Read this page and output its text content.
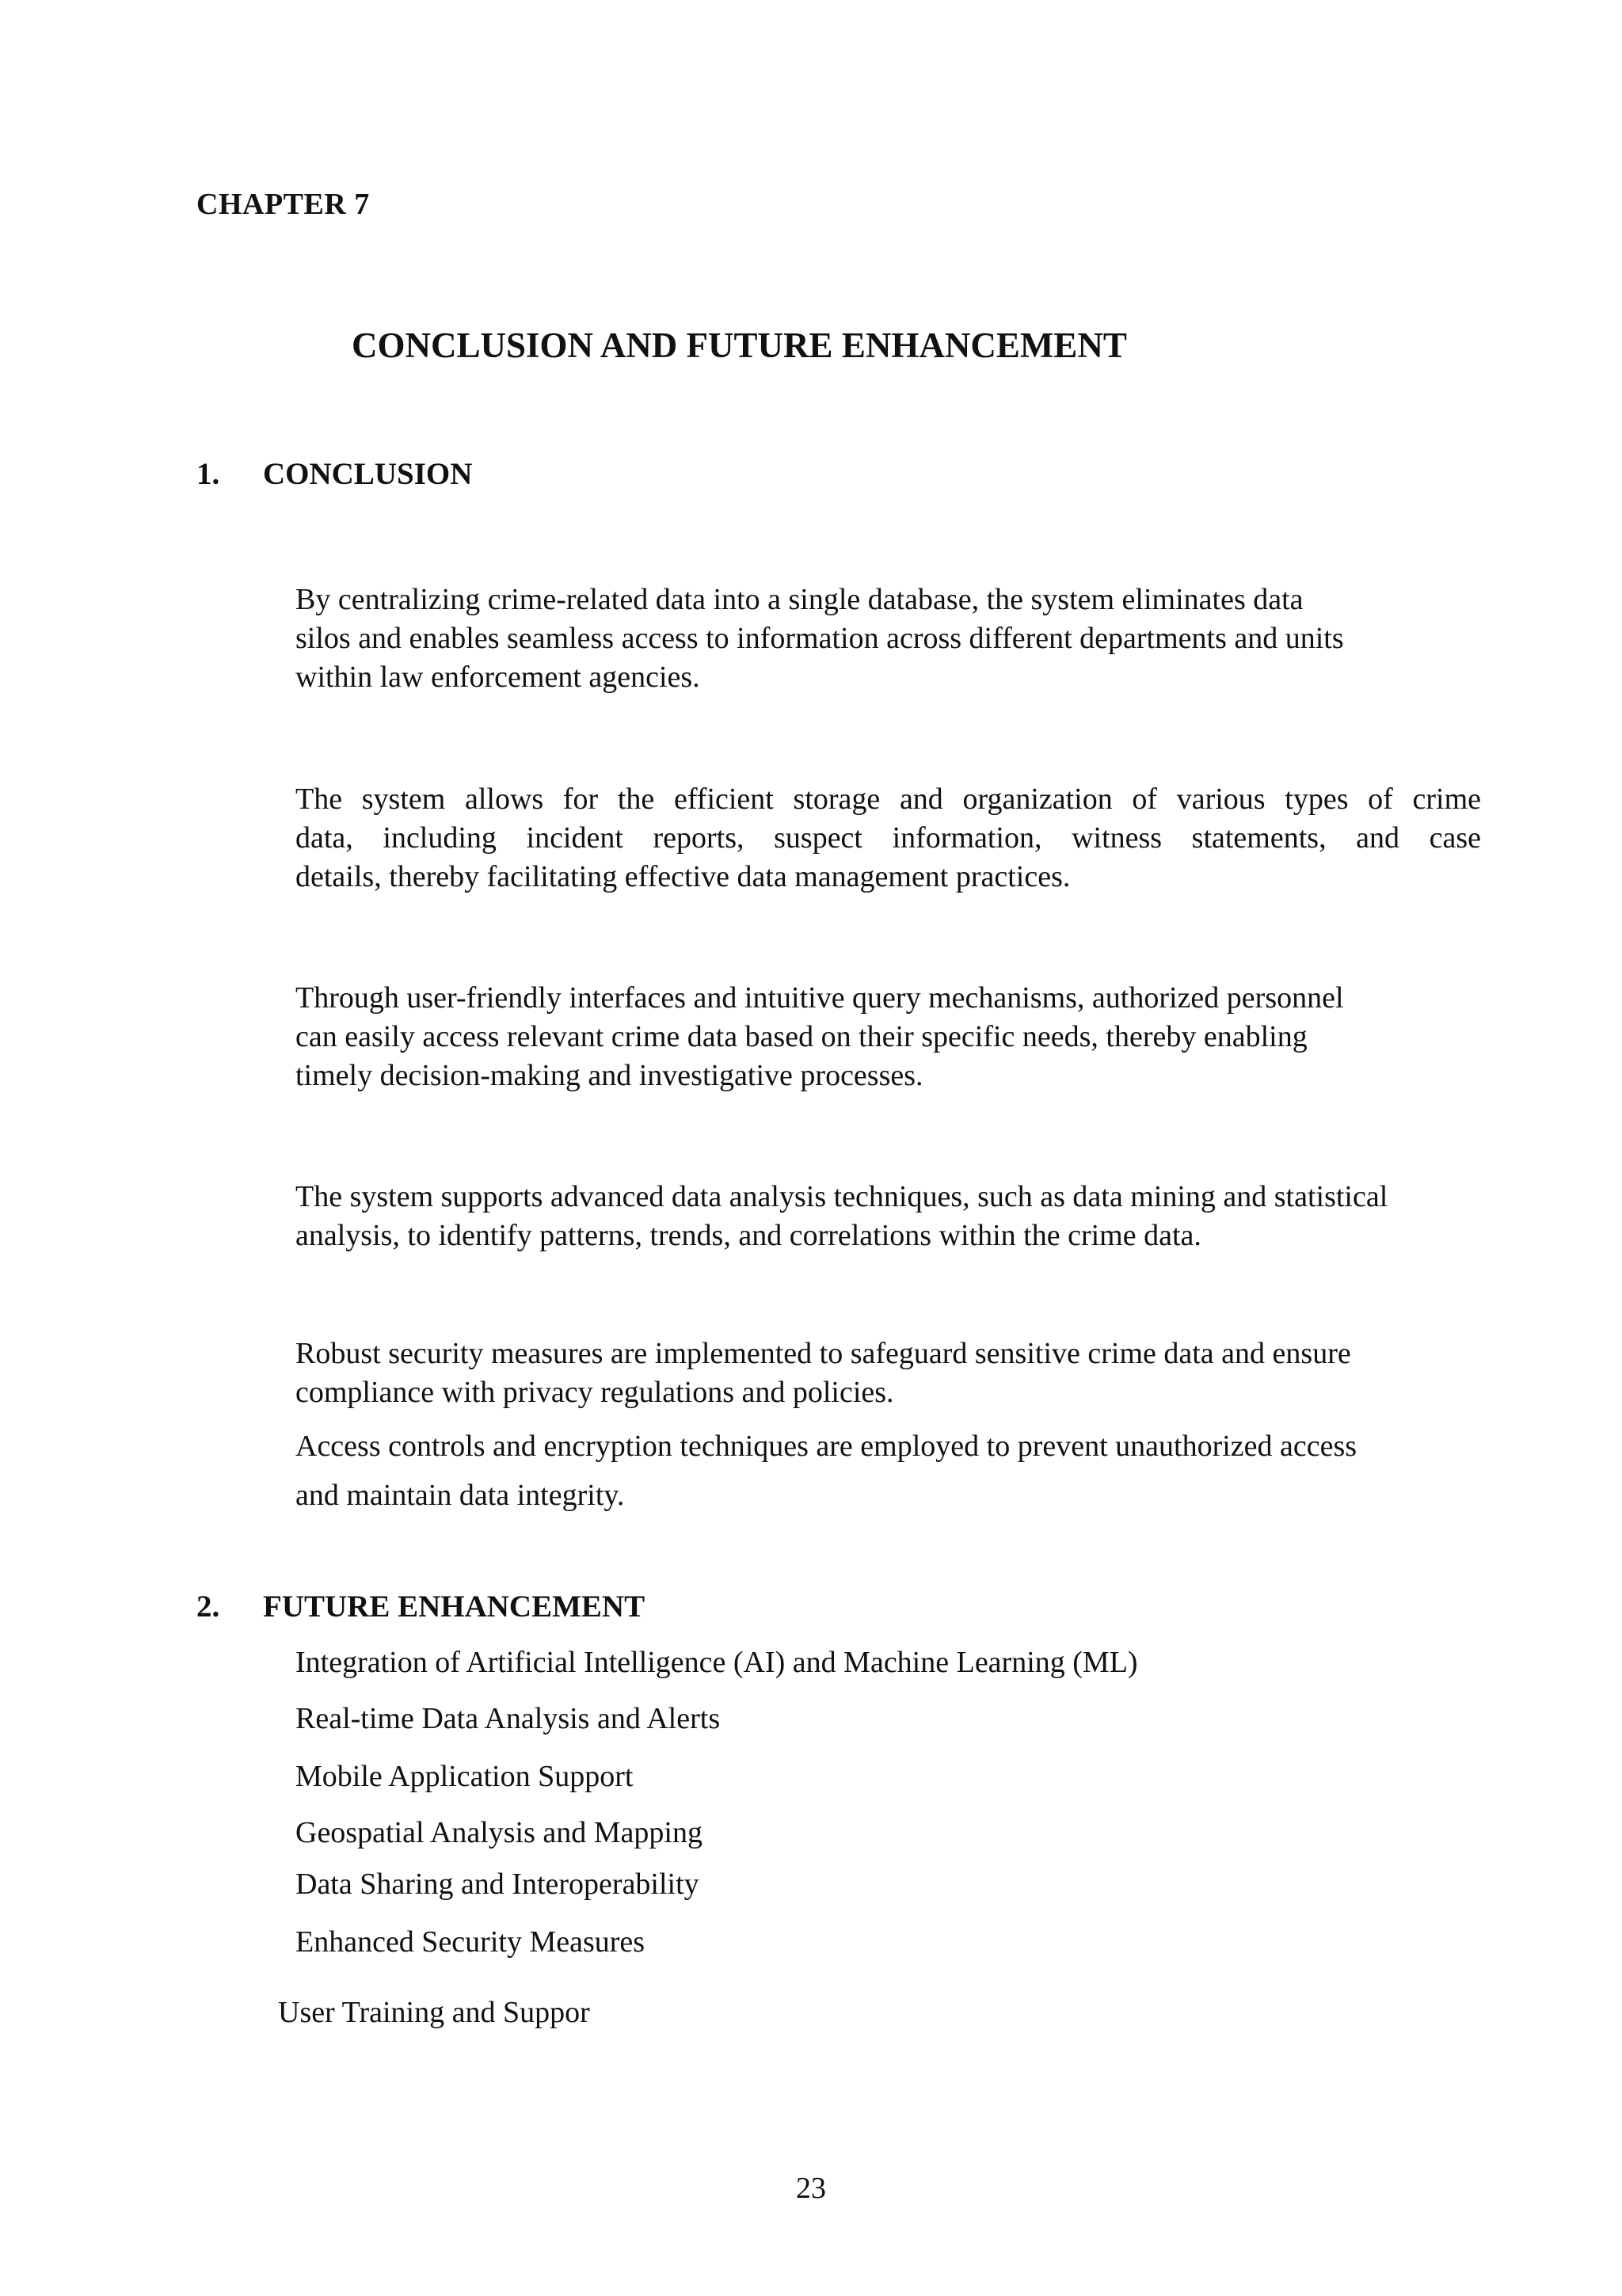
CHAPTER 7
CONCLUSION AND FUTURE ENHANCEMENT
1. CONCLUSION
By centralizing crime-related data into a single database, the system eliminates data
silos and enables seamless access to information across different departments and units
within law enforcement agencies.
The system allows for the efficient storage and organization of various types of crime
data, including incident reports, suspect information, witness statements, and case
details, thereby facilitating effective data management practices.
Through user-friendly interfaces and intuitive query mechanisms, authorized personnel
can easily access relevant crime data based on their specific needs, thereby enabling
timely decision-making and investigative processes.
The system supports advanced data analysis techniques, such as data mining and statistical
analysis, to identify patterns, trends, and correlations within the crime data.
Robust security measures are implemented to safeguard sensitive crime data and ensure
compliance with privacy regulations and policies.
Access controls and encryption techniques are employed to prevent unauthorized access
and maintain data integrity.
2. FUTURE ENHANCEMENT
Integration of Artificial Intelligence (AI) and Machine Learning (ML)
Real-time Data Analysis and Alerts
Mobile Application Support
Geospatial Analysis and Mapping
Data Sharing and Interoperability
Enhanced Security Measures
User Training and Suppor
23
